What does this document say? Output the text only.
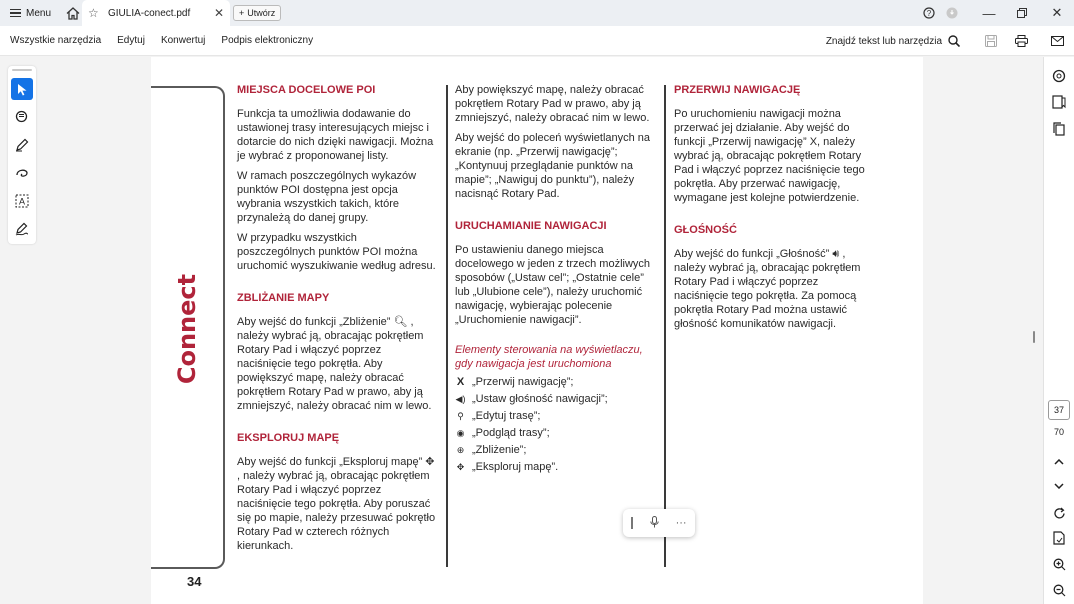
Menu	☆ GIULIA-conect.pdf	✕ + Utwórz	?	—	✕
Wszystkie narzędzia	Edytuj	Konwertuj	Podpis elektroniczny	Znajdź tekst lub narzędzia
A
Connect
34
MIEJSCA DOCELOWE POI

Funkcja ta umożliwia dodawanie do ustawionej trasy interesujących miejsc i dotarcie do nich dzięki nawigacji. Można je wybrać z proponowanej listy.

W ramach poszczególnych wykazów punktów POI dostępna jest opcja wybrania wszystkich takich, które przynależą do danej grupy.

W przypadku wszystkich poszczególnych punktów POI można uruchomić wyszukiwanie według adresu.

ZBLIŻANIE MAPY

Aby wejść do funkcji „Zbliżenie” 🔍︎ , należy wybrać ją, obracając pokrętłem Rotary Pad i włączyć poprzez naciśnięcie tego pokrętła. Aby powiększyć mapę, należy obracać pokrętłem Rotary Pad w prawo, aby ją zmniejszyć, należy obracać nim w lewo.

EKSPLORUJ MAPĘ

Aby wejść do funkcji „Eksploruj mapę” ✥ , należy wybrać ją, obracając pokrętłem Rotary Pad i włączyć poprzez naciśnięcie tego pokrętła. Aby poruszać się po mapie, należy przesuwać pokrętło Rotary Pad w czterech różnych kierunkach.

Aby powiększyć mapę, należy obracać pokrętłem Rotary Pad w prawo, aby ją zmniejszyć, należy obracać nim w lewo.

Aby wejść do poleceń wyświetlanych na ekranie (np. „Przerwij nawigację”; „Kontynuuj przeglądanie punktów na mapie”; „Nawiguj do punktu”), należy nacisnąć Rotary Pad.

URUCHAMIANIE NAWIGACJI

Po ustawieniu danego miejsca docelowego w jeden z trzech możliwych sposobów („Ustaw cel”; „Ostatnie cele” lub „Ulubione cele”), należy uruchomić nawigację, wybierając polecenie „Uruchomienie nawigacji”.

Elementy sterowania na wyświetlaczu, gdy nawigacja jest uruchomiona
X „Przerwij nawigację”;
◀) „Ustaw głośność nawigacji”;
⚲ „Edytuj trasę”;
◉ „Podgląd trasy”;
⊕ „Zbliżenie”;
✥ „Eksploruj mapę”.
PRZERWIJ NAWIGACJĘ

Po uruchomieniu nawigacji można przerwać jej działanie. Aby wejść do funkcji „Przerwij nawigację” X, należy wybrać ją, obracając pokrętłem Rotary Pad i włączyć poprzez naciśnięcie tego pokrętła. Aby przerwać nawigację, wymagane jest kolejne potwierdzenie.

GŁOŚNOŚĆ

Aby wejść do funkcji „Głośność” 🔊︎ , należy wybrać ją, obracając pokrętłem Rotary Pad i włączyć poprzez naciśnięcie tego pokrętła. Za pomocą pokrętła Rotary Pad można ustawić głośność komunikatów nawigacji.

···
37
70
